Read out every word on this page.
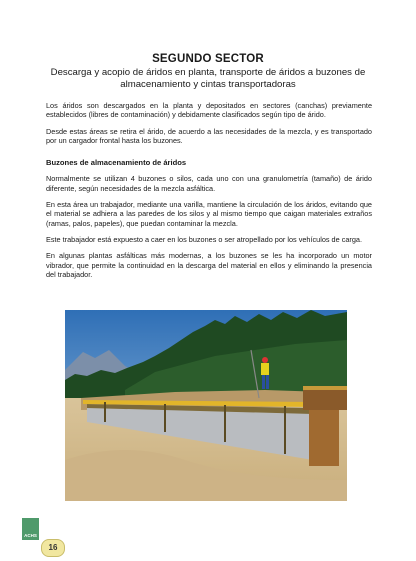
SEGUNDO SECTOR
Descarga y acopio de áridos en planta, transporte de áridos a buzones de almacenamiento y cintas transportadoras

Los áridos son descargados en la planta y depositados en sectores (canchas) previamente establecidos (libres de contaminación) y debidamente clasificados según tipo de árido.

Desde estas áreas se retira el árido, de acuerdo a las necesidades de la mezcla, y es transportado por un cargador frontal hasta los buzones.

Buzones de almacenamiento de áridos

Normalmente se utilizan 4 buzones o silos, cada uno con una granulometría (tamaño) de árido diferente, según necesidades de la mezcla asfáltica.

En esta área un trabajador, mediante una varilla, mantiene la circulación de los áridos, evitando que el material se adhiera a las paredes de los silos y al mismo tiempo que caigan materiales extraños (ramas, palos, papeles), que puedan contaminar la mezcla.

Este trabajador está expuesto a caer en los buzones o ser atropellado por los vehículos de carga.

En algunas plantas asfálticas más modernas, a los buzones se les ha incorporado un motor vibrador, que permite la continuidad en la descarga del material en ellos y eliminando la presencia del trabajador.

ACHS
16
